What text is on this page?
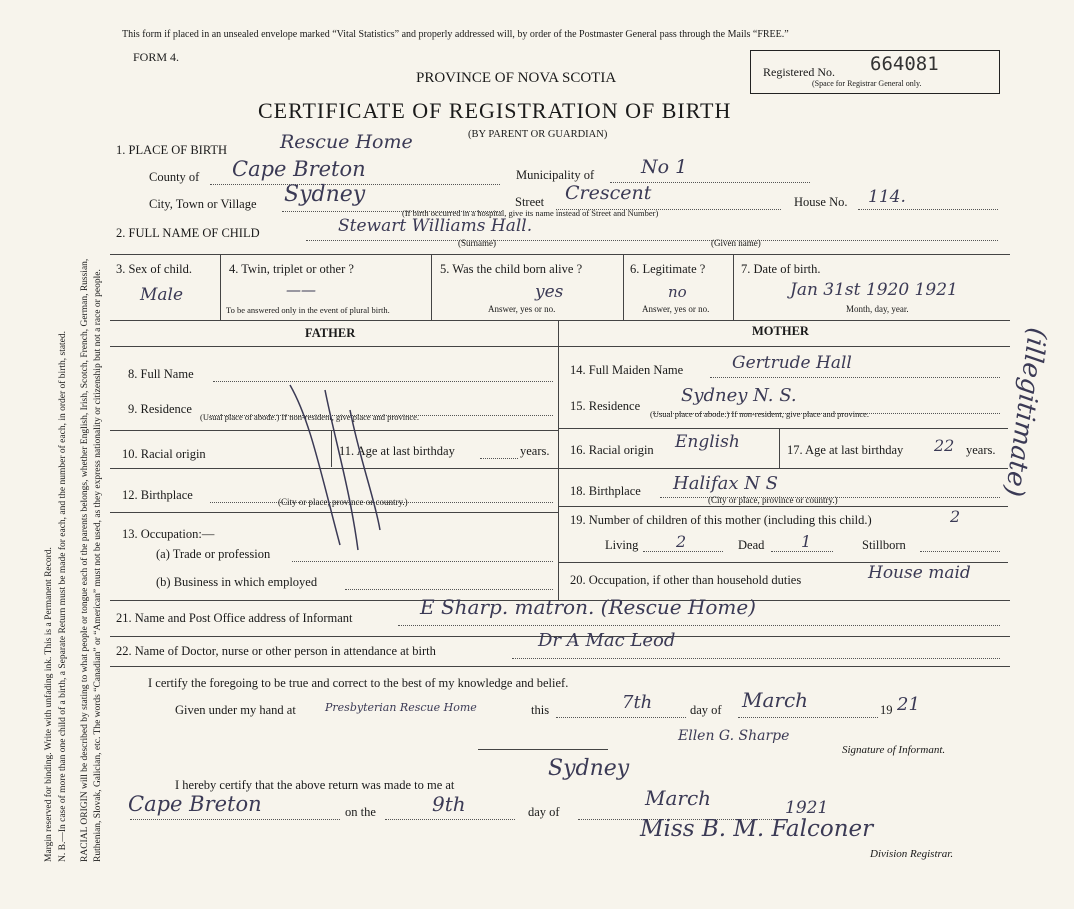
Margin reserved for binding. Write with unfading ink. This is a Permanent Record. N. B.—In case of more than one child of a birth, a Separate Return must be made for each, and the number of each, in order of birth, stated. RACIAL ORIGIN will be described by stating to what people or tongue each of the parents belongs, whether English, Irish, Scotch, French, German, Russian, Ruthenian, Slovak, Galician, etc. The words “Canadian” or “American” must not be used, as they express nationality or citizenship but not a race or people.
This form if placed in an unsealed envelope marked “Vital Statistics” and properly addressed will, by order of the Postmaster General pass through the Mails “FREE.”
FORM 4.
PROVINCE OF NOVA SCOTIA
CERTIFICATE OF REGISTRATION OF BIRTH
(BY PARENT OR GUARDIAN)
Registered No. 664081
(Space for Registrar General only.
1. PLACE OF BIRTH	Rescue Home
County of Cape Breton	Municipality of No 1
City, Town or Village Sydney	Street Crescent	House No. 114.
(If birth occurred in a hospital, give its name instead of Street and Number)
2. FULL NAME OF CHILD	Stewart Williams Hall.
(Surname)	(Given name)
3. Sex of child.
Male
4. Twin, triplet or other ?
——
To be answered only in the event of plural birth.
5. Was the child born alive ?
yes
Answer, yes or no.
6. Legitimate ?
no
Answer, yes or no.
7. Date of birth.
Jan 31st 1920 1921
Month, day, year.
FATHER	MOTHER
8. Full Name
9. Residence
(Usual place of abode.) If non-resident, give place and province.
10. Racial origin	11. Age at last birthday	years.
12. Birthplace	(City or place, province or country.)
13. Occupation:—
(a) Trade or profession
(b) Business in which employed
14. Full Maiden Name	Gertrude Hall
15. Residence Sydney N. S.
(Usual place of abode.) If non-resident, give place and province.
16. Racial origin English	17. Age at last birthday 22 years.
18. Birthplace Halifax N S
(City or place, province or country.)
19. Number of children of this mother (including this child.)	2
Living 2	Dead 1	Stillborn
20. Occupation, if other than household duties	House maid
21. Name and Post Office address of Informant	E Sharp. matron. (Rescue Home)
22. Name of Doctor, nurse or other person in attendance at birth	Dr A Mac Leod
I certify the foregoing to be true and correct to the best of my knowledge and belief.
Given under my hand at	Presbyterian Rescue Home	this	7th	day of March	19 21
Ellen G. Sharpe
Signature of Informant.
I hereby certify that the above return was made to me at
Sydney
Cape Breton	on the	9th	day of
March	1921
Miss B. M. Falconer
Division Registrar.
(illegitimate)
